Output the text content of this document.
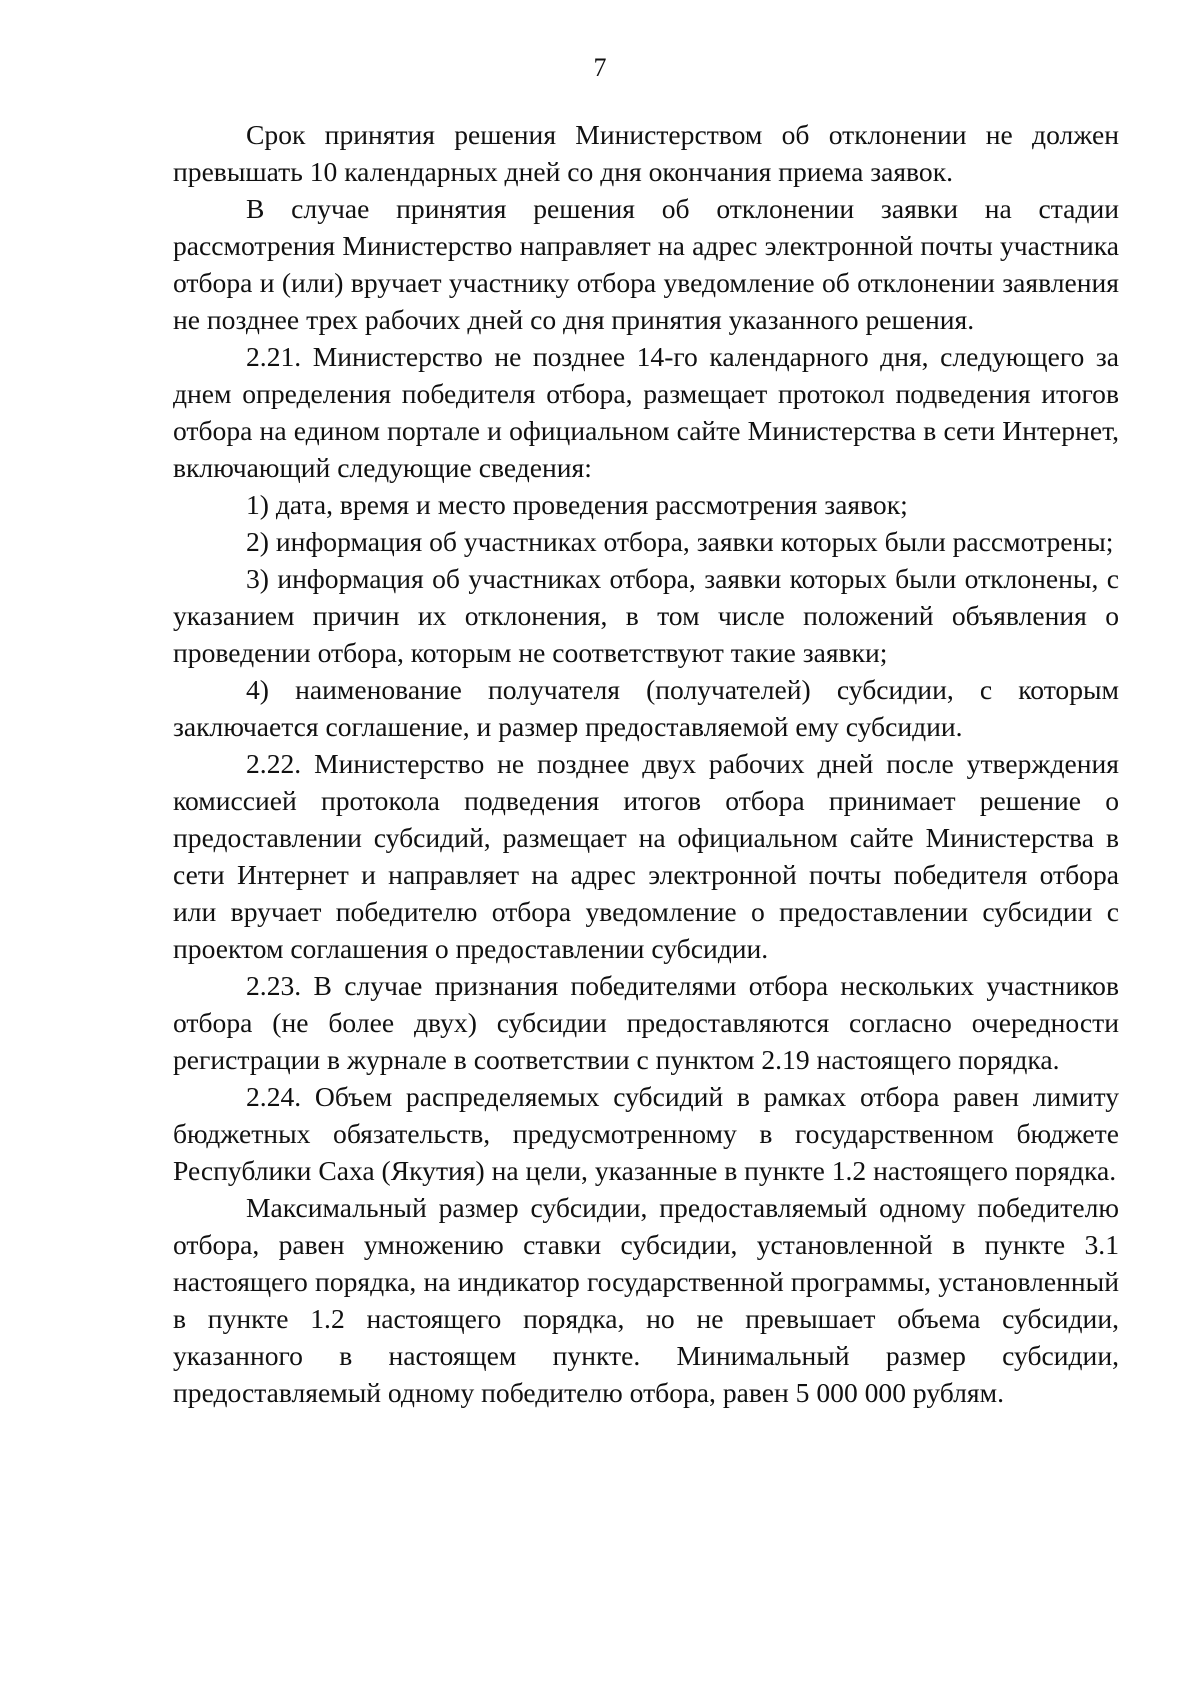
7

Срок принятия решения Министерством об отклонении не должен превышать 10 календарных дней со дня окончания приема заявок.

В случае принятия решения об отклонении заявки на стадии рассмотрения Министерство направляет на адрес электронной почты участника отбора и (или) вручает участнику отбора уведомление об отклонении заявления не позднее трех рабочих дней со дня принятия указанного решения.

2.21. Министерство не позднее 14-го календарного дня, следующего за днем определения победителя отбора, размещает протокол подведения итогов отбора на едином портале и официальном сайте Министерства в сети Интернет, включающий следующие сведения:

1) дата, время и место проведения рассмотрения заявок;

2) информация об участниках отбора, заявки которых были рассмотрены;

3) информация об участниках отбора, заявки которых были отклонены, с указанием причин их отклонения, в том числе положений объявления о проведении отбора, которым не соответствуют такие заявки;

4) наименование получателя (получателей) субсидии, с которым заключается соглашение, и размер предоставляемой ему субсидии.

2.22. Министерство не позднее двух рабочих дней после утверждения комиссией протокола подведения итогов отбора принимает решение о предоставлении субсидий, размещает на официальном сайте Министерства в сети Интернет и направляет на адрес электронной почты победителя отбора или вручает победителю отбора уведомление о предоставлении субсидии с проектом соглашения о предоставлении субсидии.

2.23. В случае признания победителями отбора нескольких участников отбора (не более двух) субсидии предоставляются согласно очередности регистрации в журнале в соответствии с пунктом 2.19 настоящего порядка.

2.24. Объем распределяемых субсидий в рамках отбора равен лимиту бюджетных обязательств, предусмотренному в государственном бюджете Республики Саха (Якутия) на цели, указанные в пункте 1.2 настоящего порядка.

Максимальный размер субсидии, предоставляемый одному победителю отбора, равен умножению ставки субсидии, установленной в пункте 3.1 настоящего порядка, на индикатор государственной программы, установленный в пункте 1.2 настоящего порядка, но не превышает объема субсидии, указанного в настоящем пункте. Минимальный размер субсидии, предоставляемый одному победителю отбора, равен 5 000 000 рублям.
